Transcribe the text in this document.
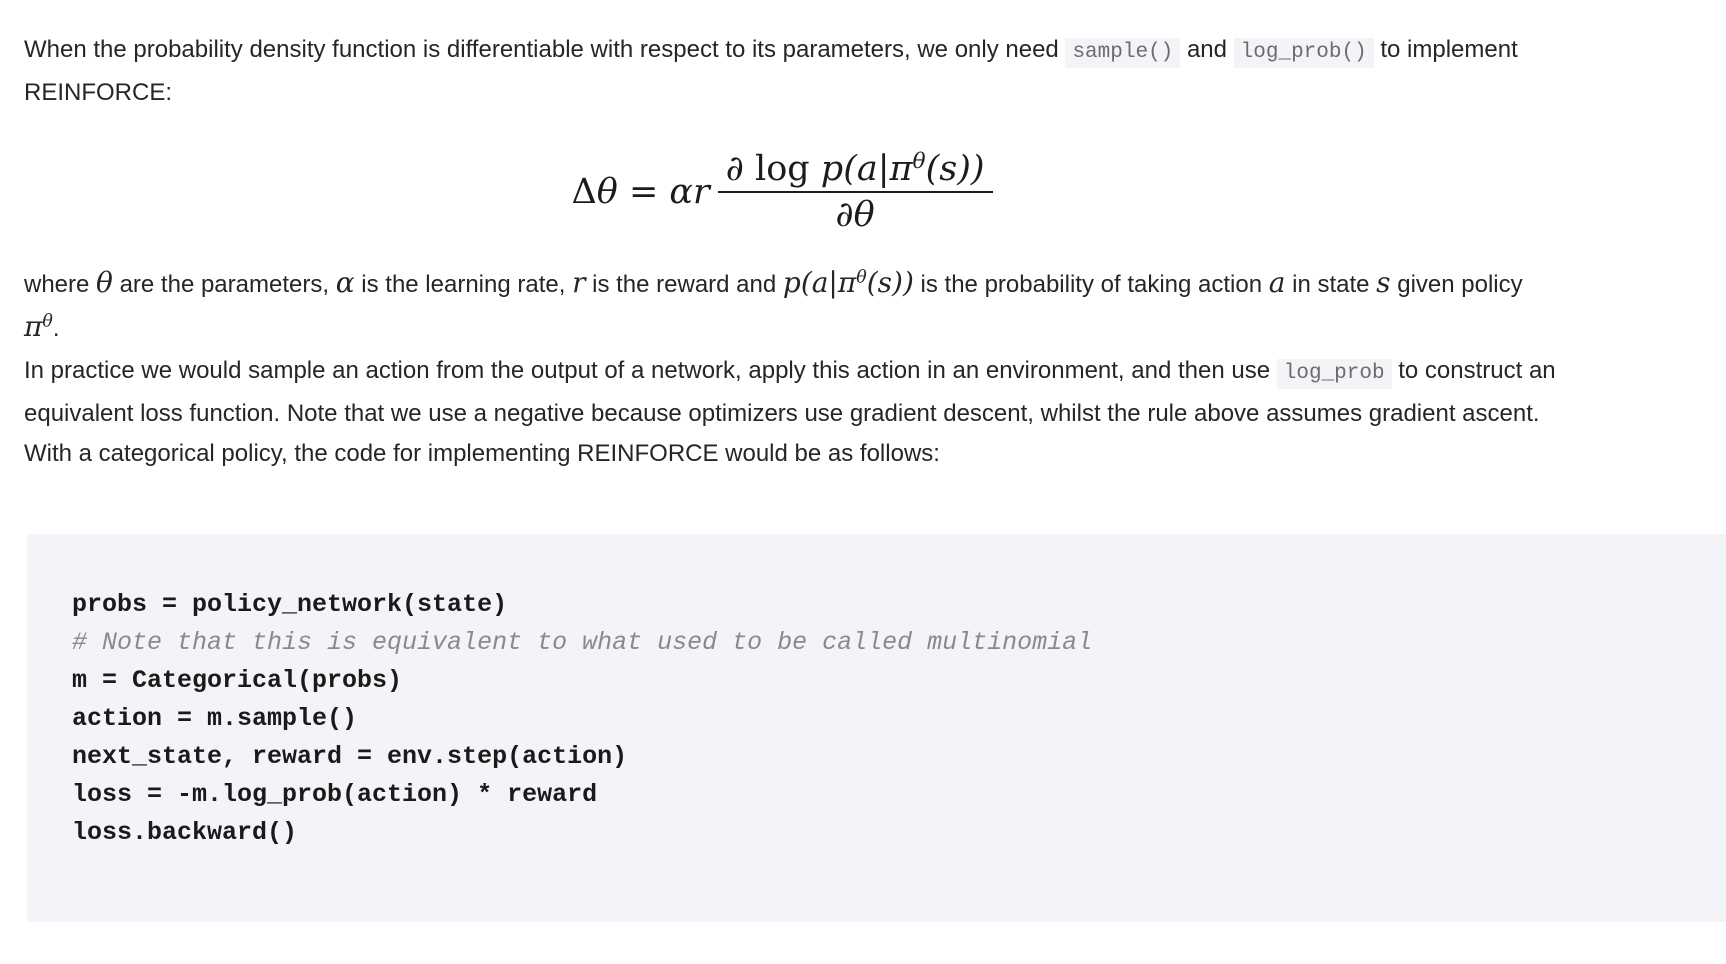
When the probability density function is differentiable with respect to its parameters, we only need sample() and log_prob() to implement REINFORCE:

Δθ = αr $\frac{\partial \log p(a|\pi^\theta(s))}{\partial\theta}$

where θ are the parameters, α is the learning rate, r is the reward and $p(a|\pi^\theta(s))$ is the probability of taking action a in state s given policy $\pi^\theta$.

In practice we would sample an action from the output of a network, apply this action in an environment, and then use log_prob to construct an equivalent loss function. Note that we use a negative because optimizers use gradient descent, whilst the rule above assumes gradient ascent. With a categorical policy, the code for implementing REINFORCE would be as follows:

probs = policy_network(state)
# Note that this is equivalent to what used to be called multinomial
m = Categorical(probs)
action = m.sample()
next_state, reward = env.step(action)
loss = -m.log_prob(action) * reward
loss.backward()
